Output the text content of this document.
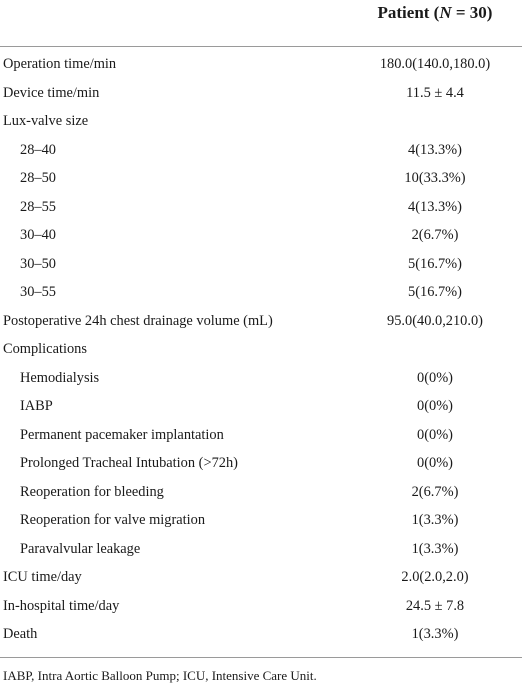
Patient (N = 30)
Operation time/min	180.0(140.0,180.0)
Device time/min	11.5 ± 4.4
Lux-valve size
28–40	4(13.3%)
28–50	10(33.3%)
28–55	4(13.3%)
30–40	2(6.7%)
30–50	5(16.7%)
30–55	5(16.7%)
Postoperative 24h chest drainage volume (mL)	95.0(40.0,210.0)
Complications
Hemodialysis	0(0%)
IABP	0(0%)
Permanent pacemaker implantation	0(0%)
Prolonged Tracheal Intubation (>72h)	0(0%)
Reoperation for bleeding	2(6.7%)
Reoperation for valve migration	1(3.3%)
Paravalvular leakage	1(3.3%)
ICU time/day	2.0(2.0,2.0)
In-hospital time/day	24.5 ± 7.8
Death	1(3.3%)
IABP, Intra Aortic Balloon Pump; ICU, Intensive Care Unit.
